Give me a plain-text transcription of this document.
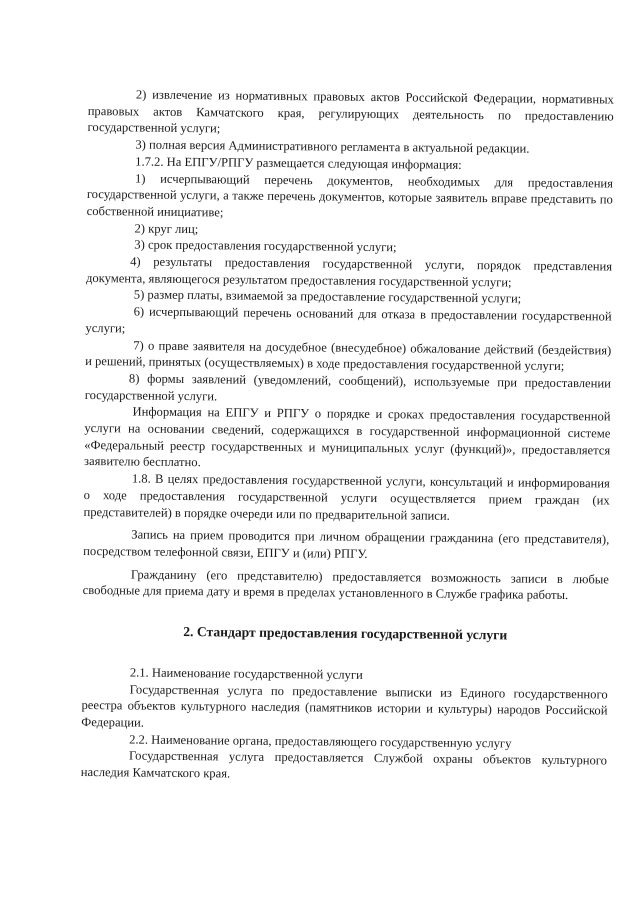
2) извлечение из нормативных правовых актов Российской Федерации, нормативных правовых актов Камчатского края, регулирующих деятельность по предоставлению государственной услуги;

3) полная версия Административного регламента в актуальной редакции.

1.7.2. На ЕПГУ/РПГУ размещается следующая информация:

1) исчерпывающий перечень документов, необходимых для предоставления государственной услуги, а также перечень документов, которые заявитель вправе представить по собственной инициативе;

2) круг лиц;

3) срок предоставления государственной услуги;

4) результаты предоставления государственной услуги, порядок представления документа, являющегося результатом предоставления государственной услуги;

5) размер платы, взимаемой за предоставление государственной услуги;

6) исчерпывающий перечень оснований для отказа в предоставлении государственной услуги;

7) о праве заявителя на досудебное (внесудебное) обжалование действий (бездействия) и решений, принятых (осуществляемых) в ходе предоставления государственной услуги;

8) формы заявлений (уведомлений, сообщений), используемые при предоставлении государственной услуги.

Информация на ЕПГУ и РПГУ о порядке и сроках предоставления государственной услуги на основании сведений, содержащихся в государственной информационной системе «Федеральный реестр государственных и муниципальных услуг (функций)», предоставляется заявителю бесплатно.

1.8. В целях предоставления государственной услуги, консультаций и информирования о ходе предоставления государственной услуги осуществляется прием граждан (их представителей) в порядке очереди или по предварительной записи.

Запись на прием проводится при личном обращении гражданина (его представителя), посредством телефонной связи, ЕПГУ и (или) РПГУ.

Гражданину (его представителю) предоставляется возможность записи в любые свободные для приема дату и время в пределах установленного в Службе графика работы.

2. Стандарт предоставления государственной услуги

2.1. Наименование государственной услуги

Государственная услуга по предоставление выписки из Единого государственного реестра объектов культурного наследия (памятников истории и культуры) народов Российской Федерации.

2.2. Наименование органа, предоставляющего государственную услугу

Государственная услуга предоставляется Службой охраны объектов культурного наследия Камчатского края.
